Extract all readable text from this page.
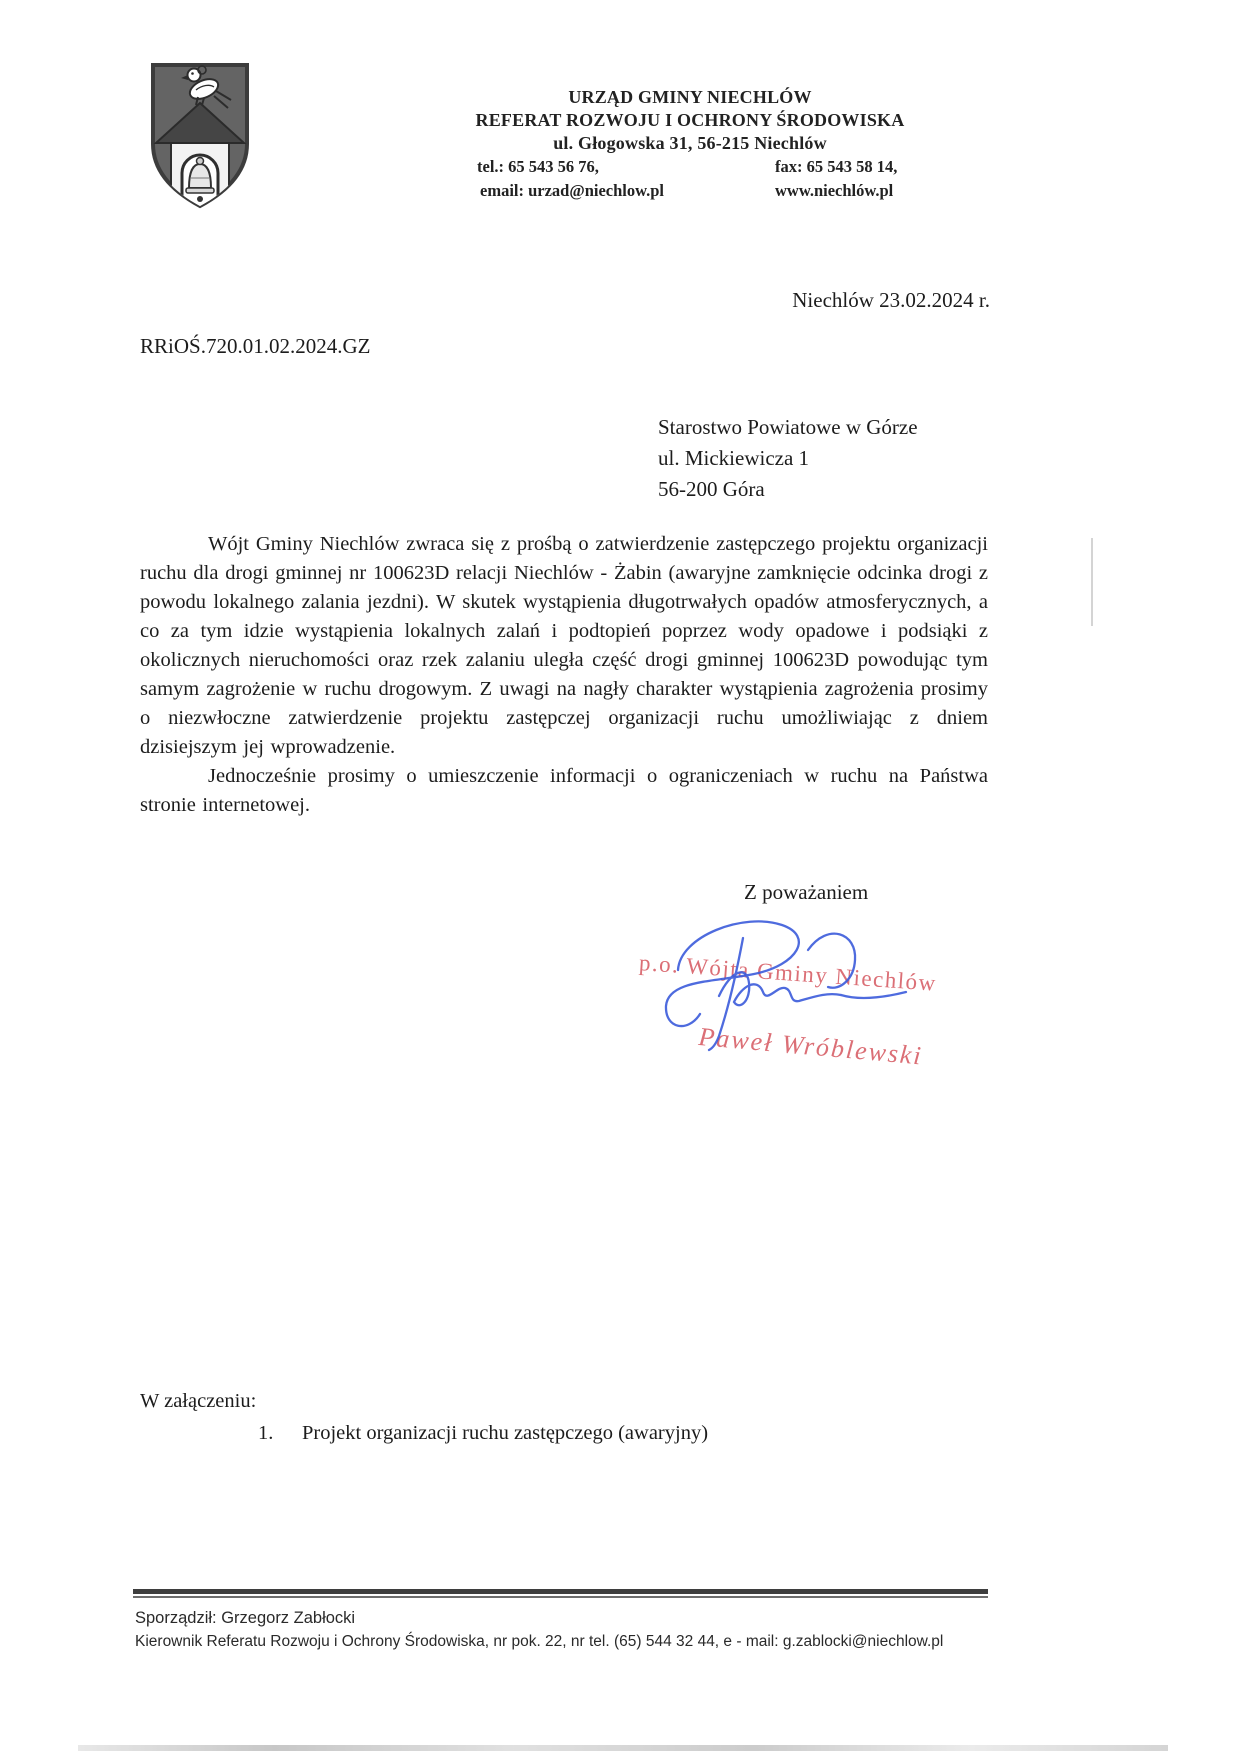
URZĄD GMINY NIECHLÓW
REFERAT ROZWOJU I OCHRONY ŚRODOWISKA
ul. Głogowska 31, 56-215 Niechlów
tel.: 65 543 56 76,	fax: 65 543 58 14,
email: urzad@niechlow.pl	www.niechlów.pl
Niechlów 23.02.2024 r.
RRiOŚ.720.01.02.2024.GZ
Starostwo Powiatowe w Górze
ul. Mickiewicza 1
56-200 Góra

Wójt Gminy Niechlów zwraca się z prośbą o zatwierdzenie zastępczego projektu organizacji ruchu dla drogi gminnej nr 100623D relacji Niechlów - Żabin (awaryjne zamknięcie odcinka drogi z powodu lokalnego zalania jezdni). W skutek wystąpienia długotrwałych opadów atmosferycznych, a co za tym idzie wystąpienia lokalnych zalań i podtopień poprzez wody opadowe i podsiąki z okolicznych nieruchomości oraz rzek zalaniu uległa część drogi gminnej 100623D powodując tym samym zagrożenie w ruchu drogowym. Z uwagi na nagły charakter wystąpienia zagrożenia prosimy o niezwłoczne zatwierdzenie projektu zastępczej organizacji ruchu umożliwiając z dniem dzisiejszym jej wprowadzenie.

Jednocześnie prosimy o umieszczenie informacji o ograniczeniach w ruchu na Państwa stronie internetowej.

Z poważaniem
p.o. Wójta Gminy Niechlów
Paweł Wróblewski
W załączeniu:
1. Projekt organizacji ruchu zastępczego (awaryjny)
Sporządził: Grzegorz Zabłocki
Kierownik Referatu Rozwoju i Ochrony Środowiska, nr pok. 22, nr tel. (65) 544 32 44, e - mail: g.zablocki@niechlow.pl
